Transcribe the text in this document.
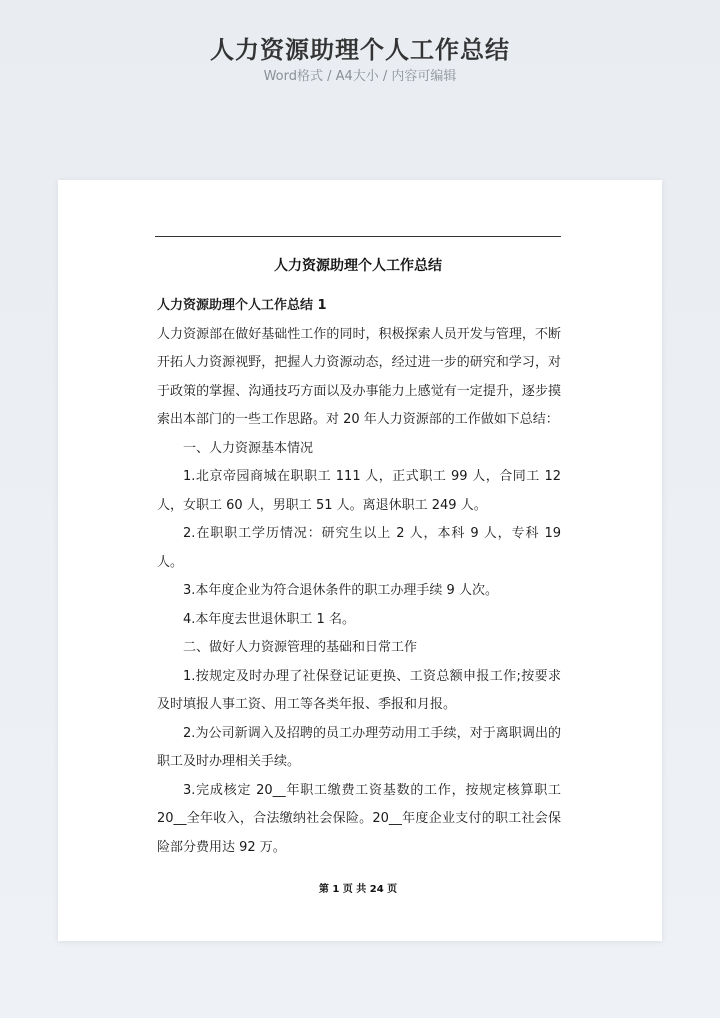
人力资源助理个人工作总结
Word格式 / A4大小 / 内容可编辑
人力资源助理个人工作总结

人力资源助理个人工作总结 1

人力资源部在做好基础性工作的同时，积极探索人员开发与管理，不断开拓人力资源视野，把握人力资源动态，经过进一步的研究和学习，对于政策的掌握、沟通技巧方面以及办事能力上感觉有一定提升，逐步摸索出本部门的一些工作思路。对 20 年人力资源部的工作做如下总结：

一、人力资源基本情况

1.北京帝园商城在职职工 111 人，正式职工 99 人，合同工 12 人，女职工 60 人，男职工 51 人。离退休职工 249 人。

2.在职职工学历情况：研究生以上 2 人，本科 9 人，专科 19 人。

3.本年度企业为符合退休条件的职工办理手续 9 人次。

4.本年度去世退休职工 1 名。

二、做好人力资源管理的基础和日常工作

1.按规定及时办理了社保登记证更换、工资总额申报工作;按要求及时填报人事工资、用工等各类年报、季报和月报。

2.为公司新调入及招聘的员工办理劳动用工手续，对于离职调出的职工及时办理相关手续。

3.完成核定 20__年职工缴费工资基数的工作，按规定核算职工 20__全年收入，合法缴纳社会保险。20__年度企业支付的职工社会保险部分费用达 92 万。

第 1 页 共 24 页
